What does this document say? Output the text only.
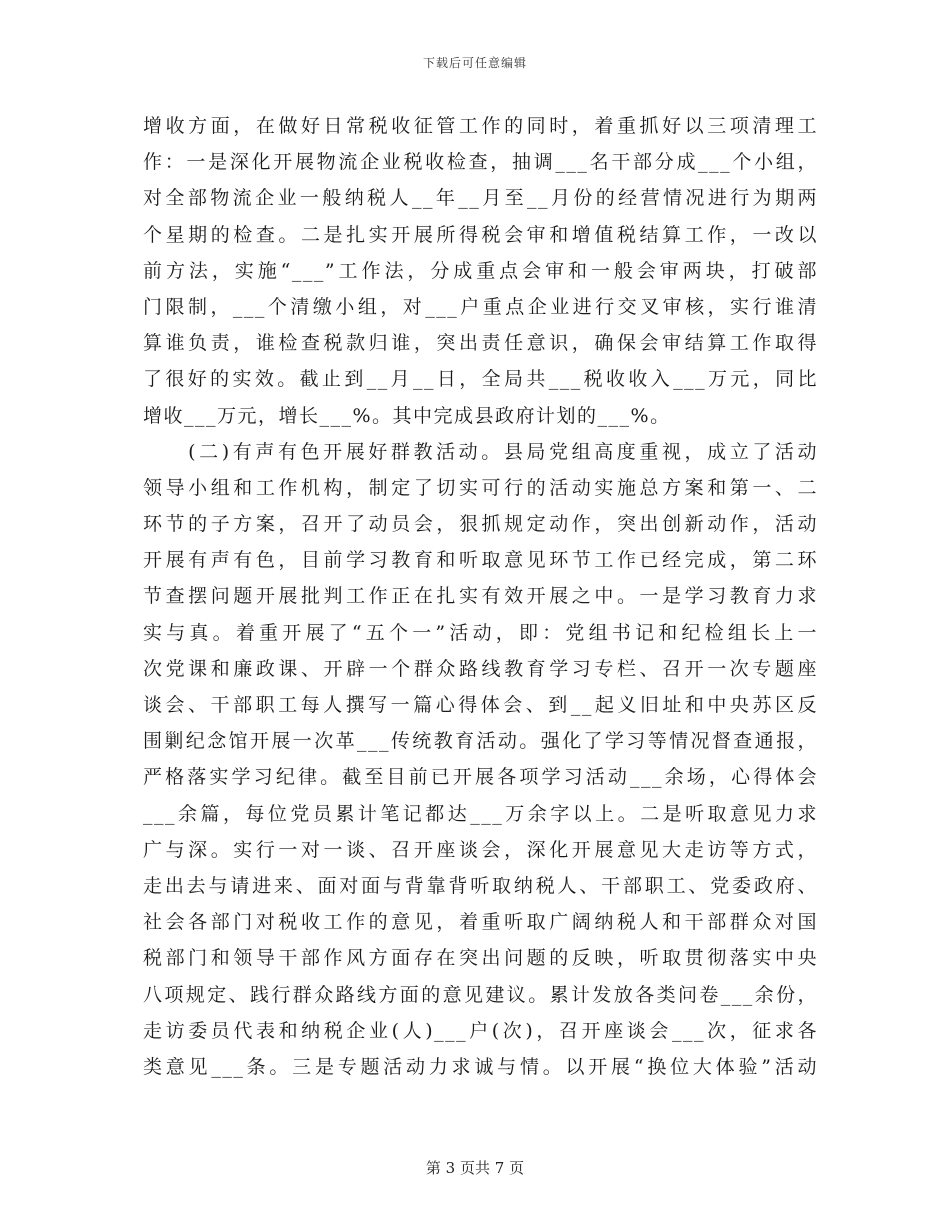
下载后可任意编辑
增收方面，在做好日常税收征管工作的同时，着重抓好以三项清理工
作：一是深化开展物流企业税收检查，抽调___名干部分成___个小组，
对全部物流企业一般纳税人__年__月至__月份的经营情况进行为期两
个星期的检查。二是扎实开展所得税会审和增值税结算工作，一改以
前方法，实施“___”工作法，分成重点会审和一般会审两块，打破部
门限制，___个清缴小组，对___户重点企业进行交叉审核，实行谁清
算谁负责，谁检查税款归谁，突出责任意识，确保会审结算工作取得
了很好的实效。截止到__月__日，全局共___税收收入___万元，同比
增收___万元，增长___%。其中完成县政府计划的___%。
　　(二)有声有色开展好群教活动。县局党组高度重视，成立了活动
领导小组和工作机构，制定了切实可行的活动实施总方案和第一、二
环节的子方案，召开了动员会，狠抓规定动作，突出创新动作，活动
开展有声有色，目前学习教育和听取意见环节工作已经完成，第二环
节查摆问题开展批判工作正在扎实有效开展之中。一是学习教育力求
实与真。着重开展了“五个一”活动，即：党组书记和纪检组长上一
次党课和廉政课、开辟一个群众路线教育学习专栏、召开一次专题座
谈会、干部职工每人撰写一篇心得体会、到__起义旧址和中央苏区反
围剿纪念馆开展一次革___传统教育活动。强化了学习等情况督查通报，
严格落实学习纪律。截至目前已开展各项学习活动___余场，心得体会
___余篇，每位党员累计笔记都达___万余字以上。二是听取意见力求
广与深。实行一对一谈、召开座谈会，深化开展意见大走访等方式，
走出去与请进来、面对面与背靠背听取纳税人、干部职工、党委政府、
社会各部门对税收工作的意见，着重听取广阔纳税人和干部群众对国
税部门和领导干部作风方面存在突出问题的反映，听取贯彻落实中央
八项规定、践行群众路线方面的意见建议。累计发放各类问卷___余份，
走访委员代表和纳税企业(人)___户(次)，召开座谈会___次，征求各
类意见___条。三是专题活动力求诚与情。以开展“换位大体验”活动
第 3 页共 7 页
